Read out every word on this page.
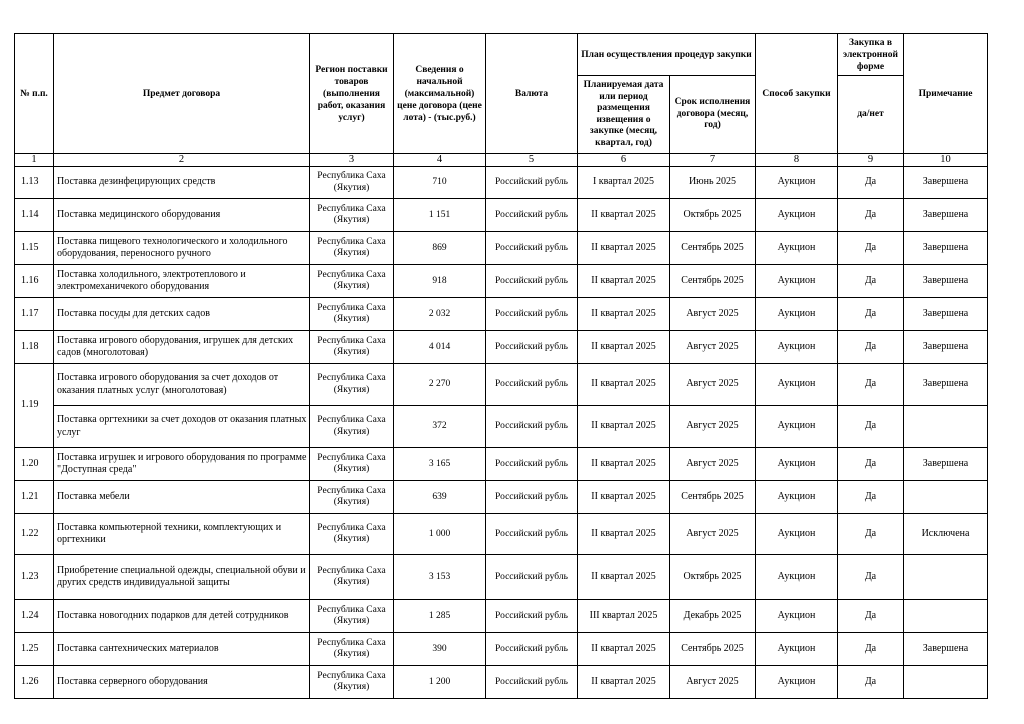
№ п.п.	Предмет договора	Регион поставки товаров (выполнения работ, оказания услуг)	Сведения о начальной (максимальной) цене договора (цене лота) - (тыс.руб.)	Валюта	План осуществления процедур закупки		Способ закупки	Закупка в электронной форме	Примечание
					Планируемая дата или период размещения извещения о закупке (месяц, квартал, год)	Срок исполнения договора (месяц, год)		да/нет	
1	2	3	4	5	6	7	8	9	10
1.13	Поставка дезинфецирующих средств	Республика Саха (Якутия)	710	Российский рубль	I квартал 2025	Июнь 2025	Аукцион	Да	Завершена
1.14	Поставка медицинского оборудования	Республика Саха (Якутия)	1 151	Российский рубль	II квартал 2025	Октябрь 2025	Аукцион	Да	Завершена
1.15	Поставка пищевого технологического и холодильного оборудования, переносного ручного	Республика Саха (Якутия)	869	Российский рубль	II квартал 2025	Сентябрь 2025	Аукцион	Да	Завершена
1.16	Поставка холодильного, электротеплового и электромеханичекого оборудования	Республика Саха (Якутия)	918	Российский рубль	II квартал 2025	Сентябрь 2025	Аукцион	Да	Завершена
1.17	Поставка посуды для детских садов	Республика Саха (Якутия)	2 032	Российский рубль	II квартал 2025	Август 2025	Аукцион	Да	Завершена
1.18	Поставка игрового оборудования, игрушек для детских садов (многолотовая)	Республика Саха (Якутия)	4 014	Российский рубль	II квартал 2025	Август 2025	Аукцион	Да	Завершена
1.19	Поставка игрового оборудования за счет доходов от оказания платных услуг (многолотовая)	Республика Саха (Якутия)	2 270	Российский рубль	II квартал 2025	Август 2025	Аукцион	Да	Завершена
	Поставка оргтехники за счет доходов от оказания платных услуг	Республика Саха (Якутия)	372	Российский рубль	II квартал 2025	Август 2025	Аукцион	Да	
1.20	Поставка игрушек и игрового оборудования по программе "Доступная среда"	Республика Саха (Якутия)	3 165	Российский рубль	II квартал 2025	Август 2025	Аукцион	Да	Завершена
1.21	Поставка мебели	Республика Саха (Якутия)	639	Российский рубль	II квартал 2025	Сентябрь 2025	Аукцион	Да	
1.22	Поставка компьютерной техники, комплектующих и оргтехники	Республика Саха (Якутия)	1 000	Российский рубль	II квартал 2025	Август 2025	Аукцион	Да	Исключена
1.23	Приобретение специальной одежды, специальной обуви и других средств индивидуальной защиты	Республика Саха (Якутия)	3 153	Российский рубль	II квартал 2025	Октябрь 2025	Аукцион	Да	
1.24	Поставка новогодних подарков для детей сотрудников	Республика Саха (Якутия)	1 285	Российский рубль	III квартал 2025	Декабрь 2025	Аукцион	Да	
1.25	Поставка сантехнических материалов	Республика Саха (Якутия)	390	Российский рубль	II квартал 2025	Сентябрь 2025	Аукцион	Да	Завершена
1.26	Поставка серверного оборудования	Республика Саха (Якутия)	1 200	Российский рубль	II квартал 2025	Август 2025	Аукцион	Да	
